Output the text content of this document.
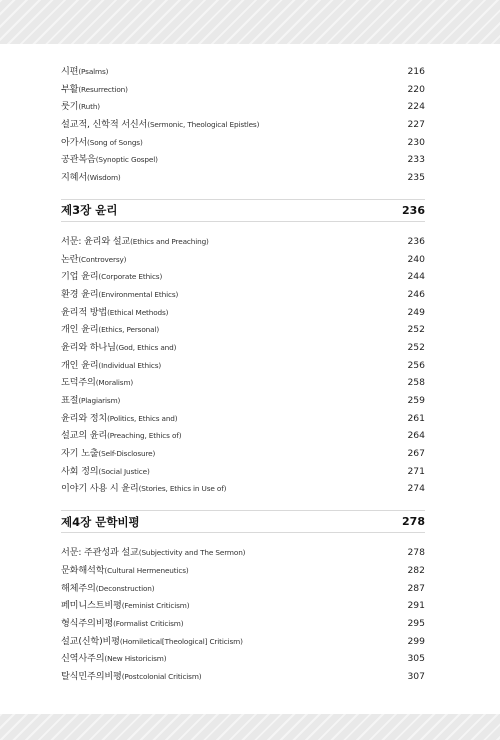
시편 (Psalms)	216
부활 (Resurrection)	220
룻기 (Ruth)	224
설교적, 신학적 서신서 (Sermonic, Theological Epistles)	227
아가서 (Song of Songs)	230
공관복음 (Synoptic Gospel)	233
지혜서 (Wisdom)	235
제3장 윤리	236
서문: 윤리와 설교 (Ethics and Preaching)	236
논란 (Controversy)	240
기업 윤리 (Corporate Ethics)	244
환경 윤리 (Environmental Ethics)	246
윤리적 방법 (Ethical Methods)	249
개인 윤리 (Ethics, Personal)	252
윤리와 하나님 (God, Ethics and)	252
개인 윤리 (Individual Ethics)	256
도덕주의 (Moralism)	258
표절 (Plagiarism)	259
윤리와 정치 (Politics, Ethics and)	261
설교의 윤리 (Preaching, Ethics of)	264
자기 노출 (Self-Disclosure)	267
사회 정의 (Social Justice)	271
이야기 사용 시 윤리 (Stories, Ethics in Use of)	274
제4장 문학비평	278
서문: 주관성과 설교 (Subjectivity and The Sermon)	278
문화해석학 (Cultural Hermeneutics)	282
해체주의 (Deconstruction)	287
페미니스트비평 (Feminist Criticism)	291
형식주의비평 (Formalist Criticism)	295
설교(신학)비평 (Homiletical[Theological] Criticism)	299
신역사주의 (New Historicism)	305
탈식민주의비평 (Postcolonial Criticism)	307
